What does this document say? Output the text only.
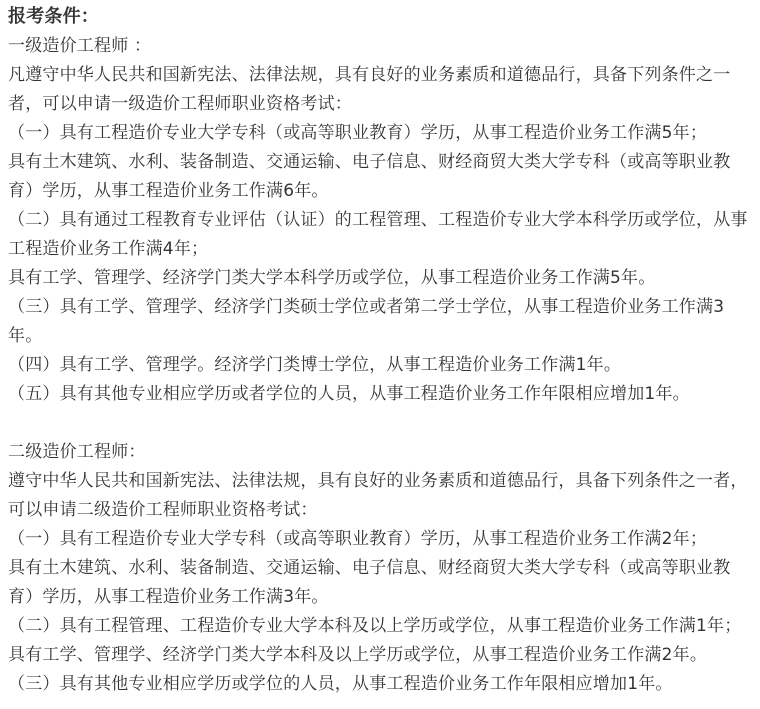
报考条件：

一级造价工程师 ：

凡遵守中华人民共和国新宪法、法律法规，具有良好的业务素质和道德品行，具备下列条件之一者，可以申请一级造价工程师职业资格考试：

（一）具有工程造价专业大学专科（或高等职业教育）学历，从事工程造价业务工作满5年；

具有土木建筑、水利、装备制造、交通运输、电子信息、财经商贸大类大学专科（或高等职业教育）学历，从事工程造价业务工作满6年。

（二）具有通过工程教育专业评估（认证）的工程管理、工程造价专业大学本科学历或学位，从事工程造价业务工作满4年；

具有工学、管理学、经济学门类大学本科学历或学位，从事工程造价业务工作满5年。

（三）具有工学、管理学、经济学门类硕士学位或者第二学士学位，从事工程造价业务工作满3年。

（四）具有工学、管理学。经济学门类博士学位，从事工程造价业务工作满1年。

（五）具有其他专业相应学历或者学位的人员，从事工程造价业务工作年限相应增加1年。

二级造价工程师：

遵守中华人民共和国新宪法、法律法规，具有良好的业务素质和道德品行，具备下列条件之一者，可以申请二级造价工程师职业资格考试：

（一）具有工程造价专业大学专科（或高等职业教育）学历，从事工程造价业务工作满2年；

具有土木建筑、水利、装备制造、交通运输、电子信息、财经商贸大类大学专科（或高等职业教育）学历，从事工程造价业务工作满3年。

（二）具有工程管理、工程造价专业大学本科及以上学历或学位，从事工程造价业务工作满1年；

具有工学、管理学、经济学门类大学本科及以上学历或学位，从事工程造价业务工作满2年。

（三）具有其他专业相应学历或学位的人员，从事工程造价业务工作年限相应增加1年。
